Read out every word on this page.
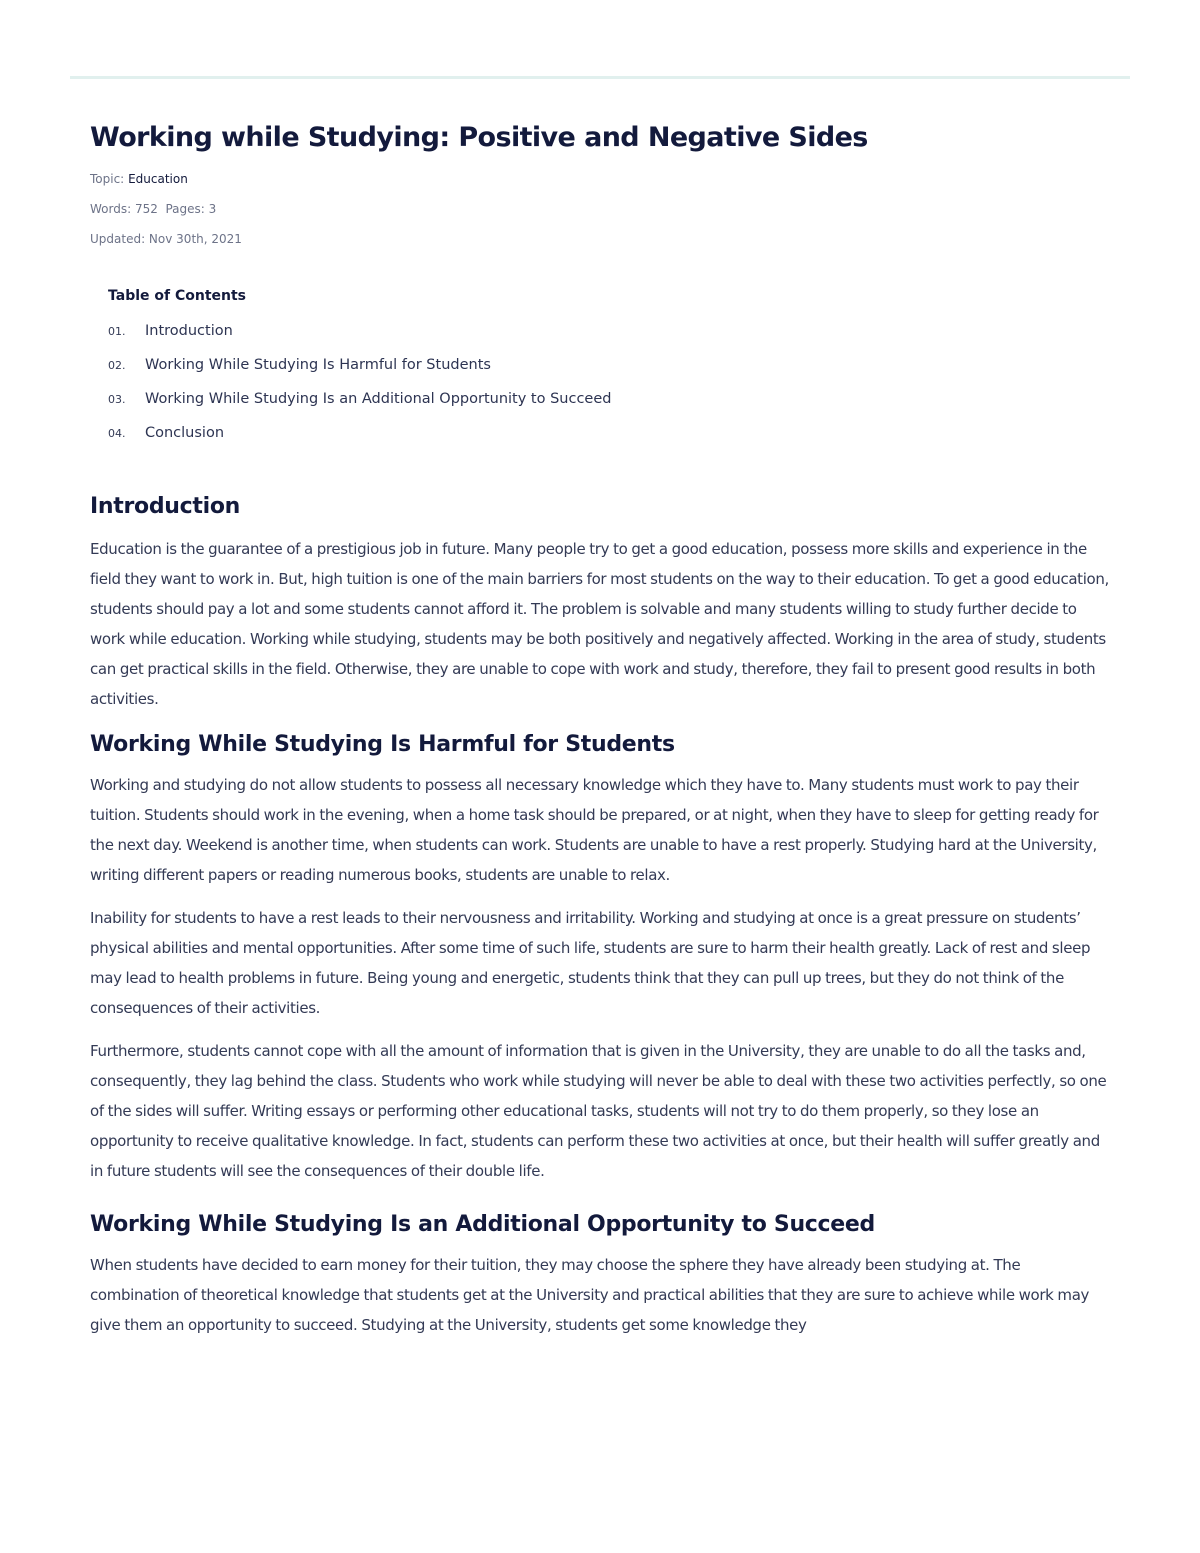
Working while Studying: Positive and Negative Sides
Topic: Education
Words: 752  Pages: 3
Updated: Nov 30th, 2021
Table of Contents
01.	Introduction
02.	Working While Studying Is Harmful for Students
03.	Working While Studying Is an Additional Opportunity to Succeed
04.	Conclusion
Introduction

Education is the guarantee of a prestigious job in future. Many people try to get a good education, possess more skills and experience in the field they want to work in. But, high tuition is one of the main barriers for most students on the way to their education. To get a good education, students should pay a lot and some students cannot afford it. The problem is solvable and many students willing to study further decide to work while education. Working while studying, students may be both positively and negatively affected. Working in the area of study, students can get practical skills in the field. Otherwise, they are unable to cope with work and study, therefore, they fail to present good results in both activities.

Working While Studying Is Harmful for Students

Working and studying do not allow students to possess all necessary knowledge which they have to. Many students must work to pay their tuition. Students should work in the evening, when a home task should be prepared, or at night, when they have to sleep for getting ready for the next day. Weekend is another time, when students can work. Students are unable to have a rest properly. Studying hard at the University, writing different papers or reading numerous books, students are unable to relax.

Inability for students to have a rest leads to their nervousness and irritability. Working and studying at once is a great pressure on students’ physical abilities and mental opportunities. After some time of such life, students are sure to harm their health greatly. Lack of rest and sleep may lead to health problems in future. Being young and energetic, students think that they can pull up trees, but they do not think of the consequences of their activities.

Furthermore, students cannot cope with all the amount of information that is given in the University, they are unable to do all the tasks and, consequently, they lag behind the class. Students who work while studying will never be able to deal with these two activities perfectly, so one of the sides will suffer. Writing essays or performing other educational tasks, students will not try to do them properly, so they lose an opportunity to receive qualitative knowledge. In fact, students can perform these two activities at once, but their health will suffer greatly and in future students will see the consequences of their double life.

Working While Studying Is an Additional Opportunity to Succeed

When students have decided to earn money for their tuition, they may choose the sphere they have already been studying at. The combination of theoretical knowledge that students get at the University and practical abilities that they are sure to achieve while work may give them an opportunity to succeed. Studying at the University, students get some knowledge they
